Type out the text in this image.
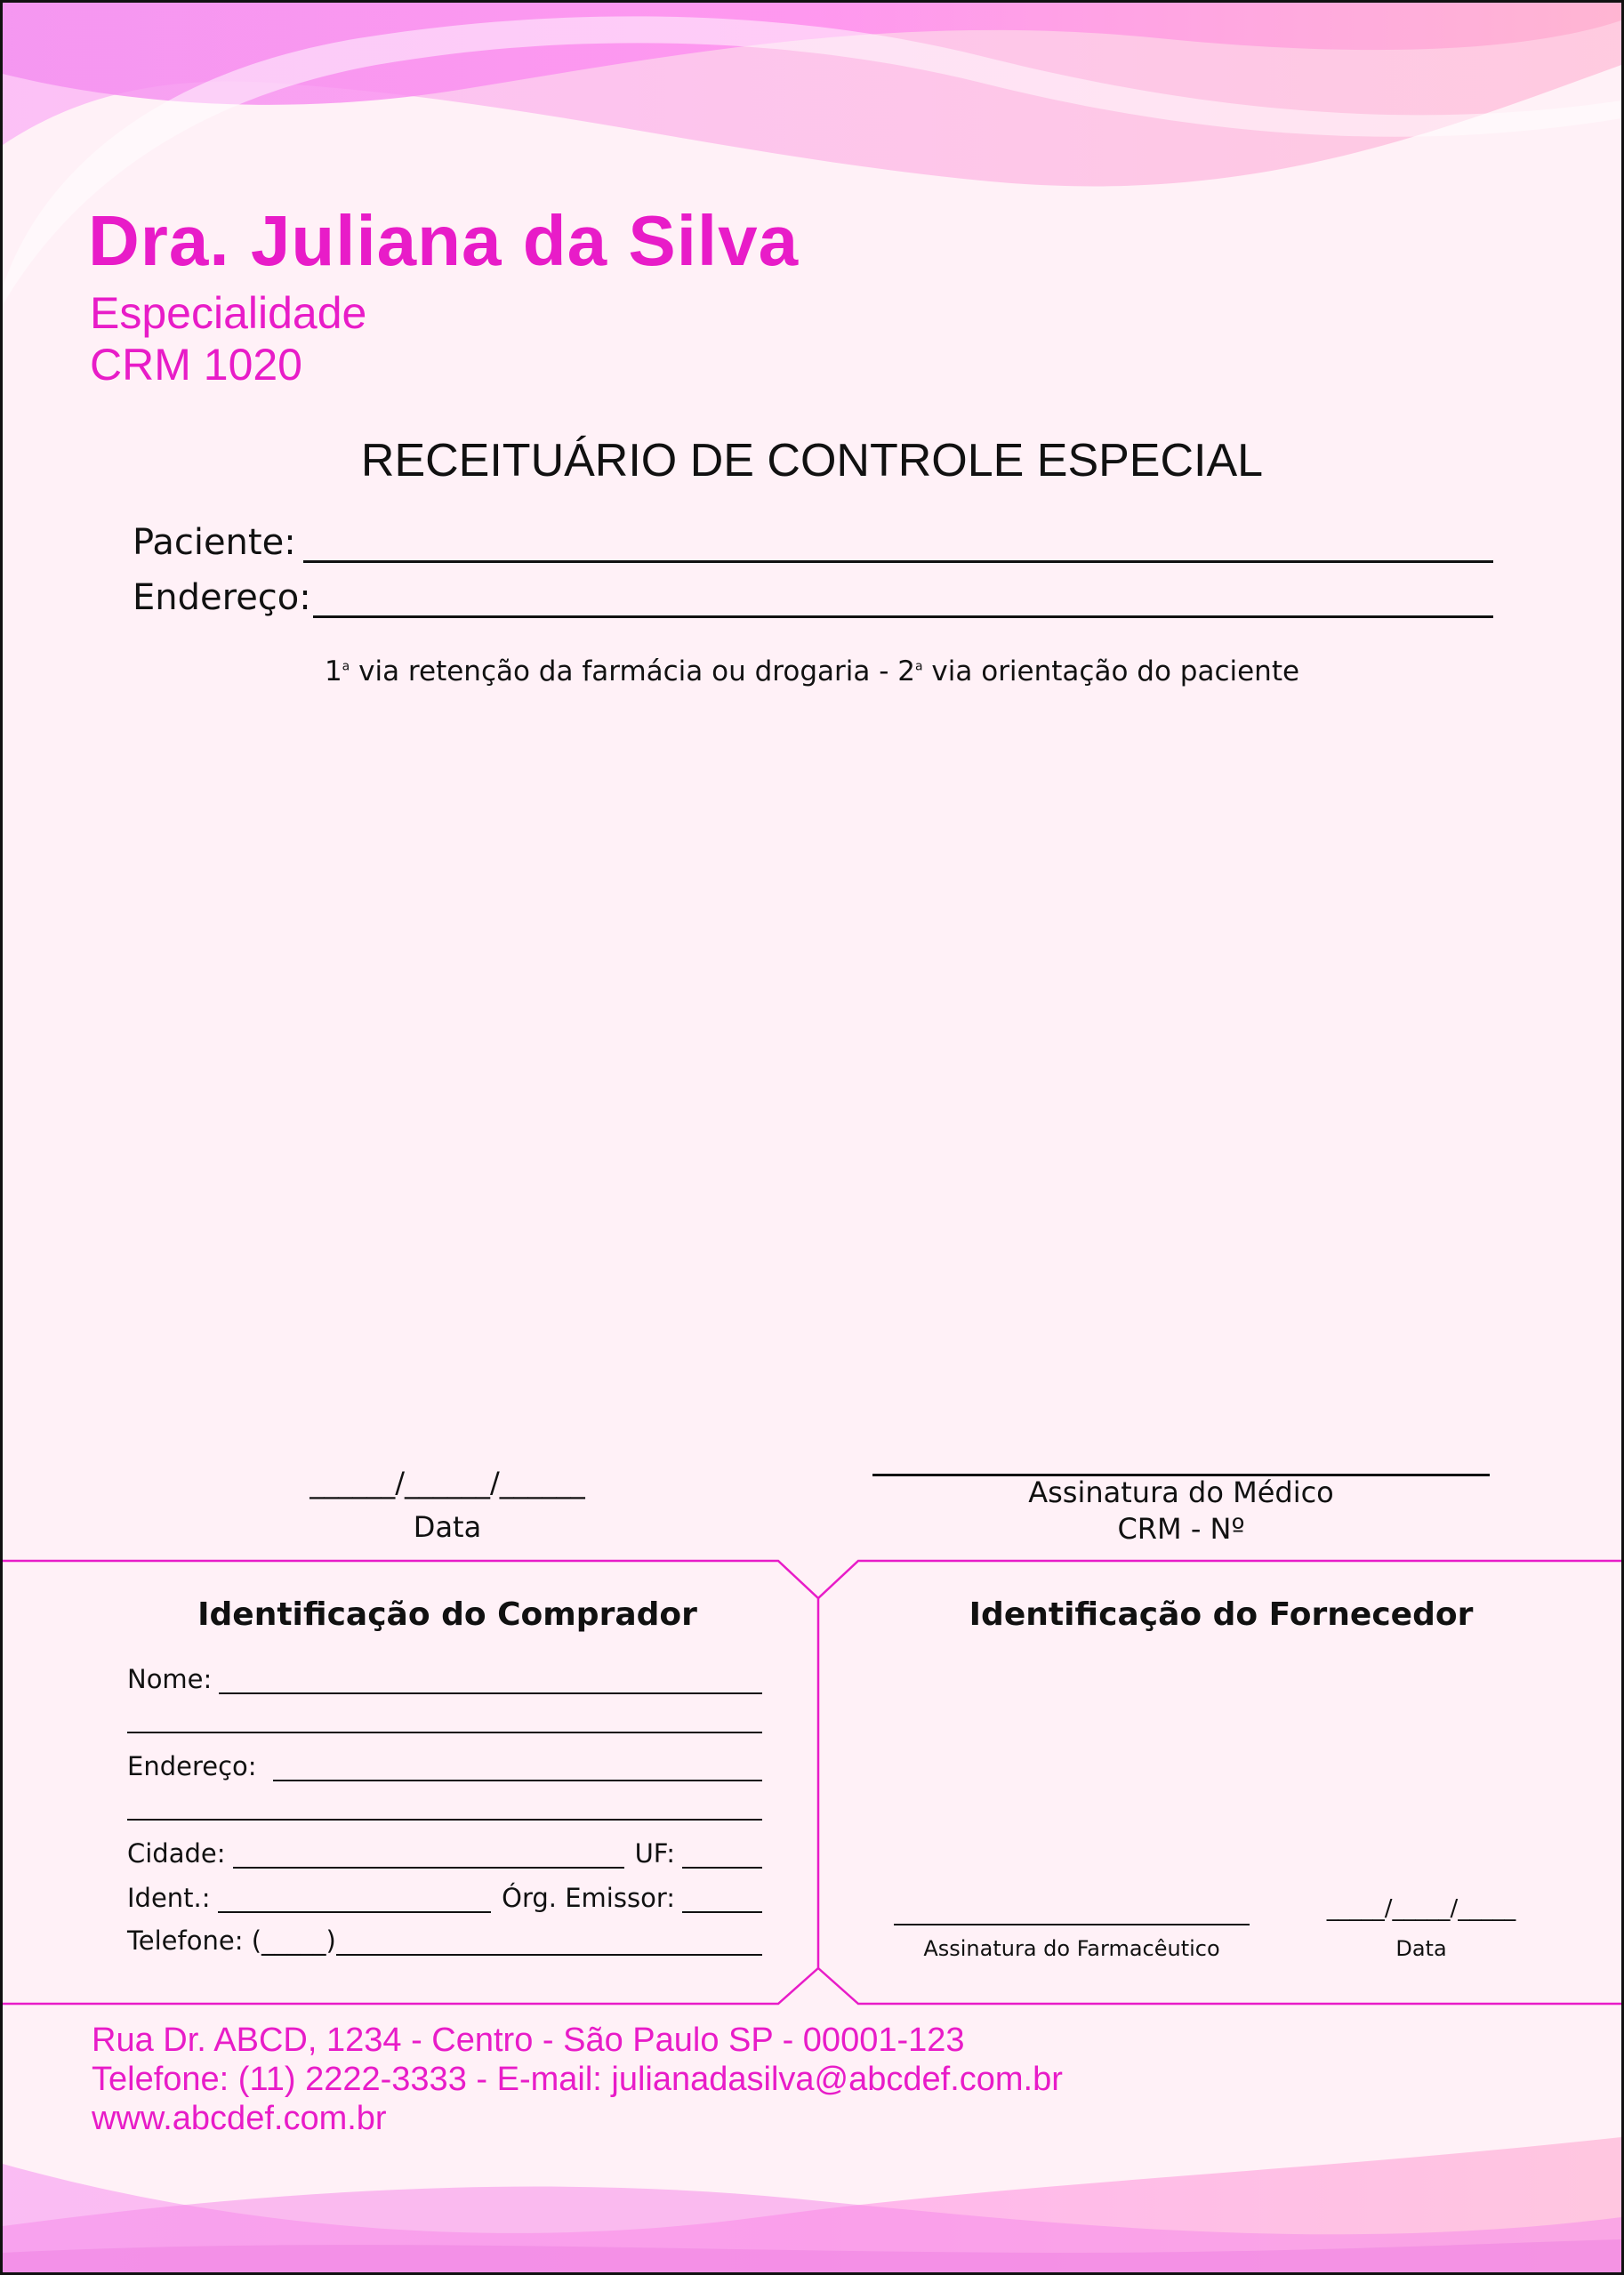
Dra. Juliana da Silva
Especialidade
CRM 1020
RECEITUÁRIO DE CONTROLE ESPECIAL
Paciente:
Endereço:
1$^a$ via retenção da farmácia ou drogaria - 2$^a$ via orientação do paciente
______/______/______
Data
Assinatura do Médico
CRM - Nº
Identificação do Comprador
Nome:
Endereço:
Cidade:	UF:
Ident.:	Órg. Emissor:
Telefone: (_____)
Identificação do Fornecedor
Assinatura do Farmacêutico
_____/_____/_____
Data
Rua Dr. ABCD, 1234 - Centro - São Paulo SP - 00001-123
Telefone: (11) 2222-3333 - E-mail: julianadasilva@abcdef.com.br
www.abcdef.com.br
